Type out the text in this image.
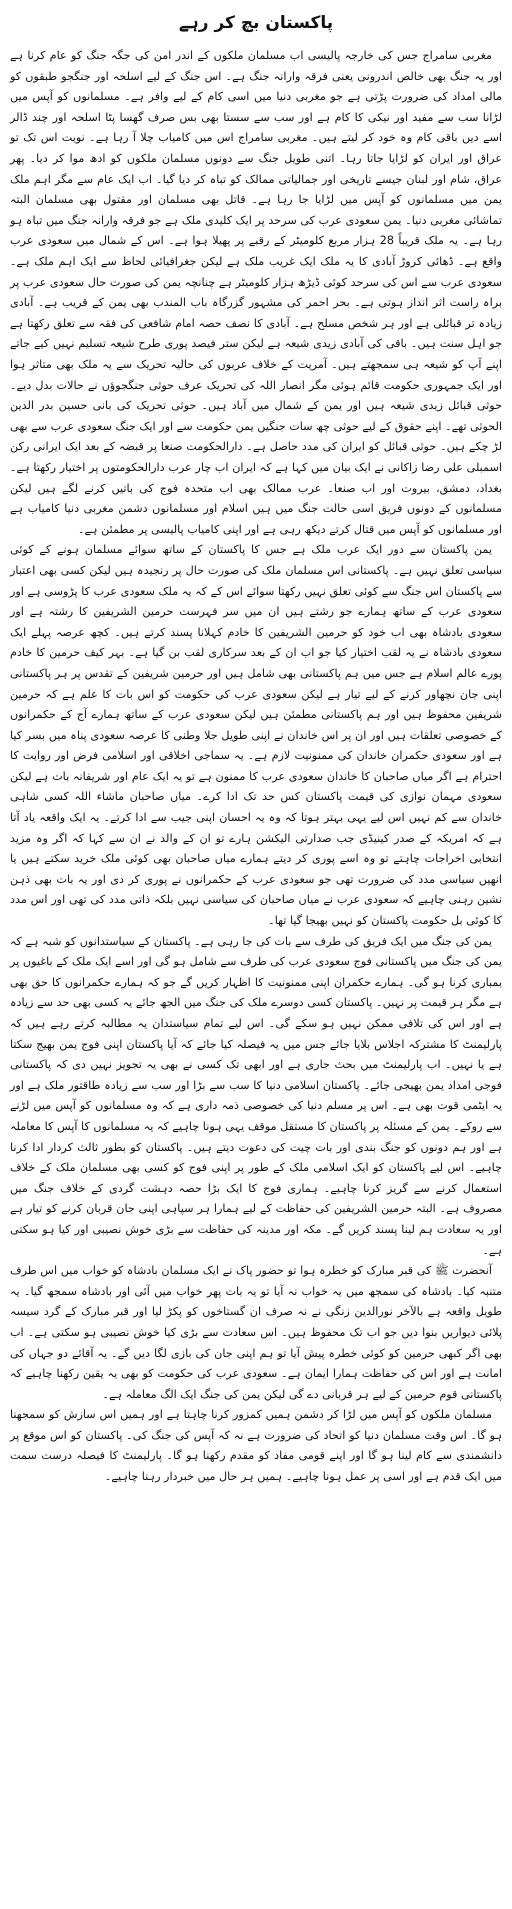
پاکستان بچ کر رہے

مغربی سامراج جس کی خارجہ پالیسی اب مسلمان ملکوں کے اندر امن کی جگہ جنگ کو عام کرنا ہے اور یہ جنگ بھی خالص اندرونی یعنی فرقہ وارانہ جنگ ہے۔ اس جنگ کے لیے اسلحہ اور جنگجو طبقوں کو مالی امداد کی ضرورت پڑتی ہے جو مغربی دنیا میں اسی کام کے لیے وافر ہے۔ مسلمانوں کو آپس میں لڑانا سب سے مفید اور نیکی کا کام ہے اور سب سے سستا بھی بس صرف گھسا پٹا اسلحہ اور چند ڈالر اسے دیں باقی کام وہ خود کر لیتے ہیں۔ مغربی سامراج اس میں کامیاب چلا آ رہا ہے۔ نوبت اس تک تو عراق اور ایران کو لڑایا جاتا رہا۔ اتنی طویل جنگ سے دونوں مسلمان ملکوں کو ادھ موا کر دیا۔ پھر عراق، شام اور لبنان جیسے تاریخی اور جمالیاتی ممالک کو تباہ کر دیا گیا۔ اب ایک عام سے مگر اہم ملک یمن میں مسلمانوں کو آپس میں لڑایا جا رہا ہے۔ قاتل بھی مسلمان اور مقتول بھی مسلمان البتہ تماشائی مغربی دنیا۔ یمن سعودی عرب کی سرحد پر ایک کلیدی ملک ہے جو فرقہ وارانہ جنگ میں تباہ ہو رہا ہے۔ یہ ملک قریباً 28 ہزار مربع کلومیٹر کے رقبے پر پھیلا ہوا ہے۔ اس کے شمال میں سعودی عرب واقع ہے۔ ڈھائی کروڑ آبادی کا یہ ملک ایک غریب ملک ہے لیکن جغرافیائی لحاظ سے ایک اہم ملک ہے۔ سعودی عرب سے اس کی سرحد کوئی ڈیڑھ ہزار کلومیٹر ہے چنانچہ یمن کی صورت حال سعودی عرب پر براہ راست اثر انداز ہوتی ہے۔ بحر احمر کی مشہور گزرگاہ باب المندب بھی یمن کے قریب ہے۔ آبادی زیادہ تر قبائلی ہے اور ہر شخص مسلح ہے۔ آبادی کا نصف حصہ امام شافعی کی فقہ سے تعلق رکھتا ہے جو اہل سنت ہیں۔ باقی کی آبادی زیدی شیعہ ہے لیکن ستر فیصد پوری طرح شیعہ تسلیم نہیں کیے جاتے اپنے آپ کو شیعہ ہی سمجھتے ہیں۔ آمریت کے خلاف عربوں کی حالیہ تحریک سے یہ ملک بھی متاثر ہوا اور ایک جمہوری حکومت قائم ہوئی مگر انصار اللہ کی تحریک عرف حوثی جنگجوؤں نے حالات بدل دیے۔ حوثی قبائل زیدی شیعہ ہیں اور یمن کے شمال میں آباد ہیں۔ حوثی تحریک کی بانی حسین بدر الدین الحوثی تھے۔ اپنے حقوق کے لیے حوثی چھ سات جنگیں یمن حکومت سے اور ایک جنگ سعودی عرب سے بھی لڑ چکے ہیں۔ حوثی قبائل کو ایران کی مدد حاصل ہے۔ دارالحکومت صنعا پر قبضہ کے بعد ایک ایرانی رکن اسمبلی علی رضا زاکانی نے ایک بیان میں کہا ہے کہ ایران اب چار عرب دارالحکومتوں پر اختیار رکھتا ہے۔ بغداد، دمشق، بیروت اور اب صنعا۔ عرب ممالک بھی اب متحدہ فوج کی باتیں کرنے لگے ہیں لیکن مسلمانوں کے دونوں فریق اسی حالت جنگ میں ہیں اسلام اور مسلمانوں دشمن مغربی دنیا کامیاب ہے اور مسلمانوں کو آپس میں قتال کرتے دیکھ رہی ہے اور اپنی کامیاب پالیسی پر مطمئن ہے۔

یمن پاکستان سے دور ایک عرب ملک ہے جس کا پاکستان کے ساتھ سوائے مسلمان ہونے کے کوئی سیاسی تعلق نہیں ہے۔ پاکستانی اس مسلمان ملک کی صورت حال پر رنجیدہ ہیں لیکن کسی بھی اعتبار سے پاکستان اس جنگ سے کوئی تعلق نہیں رکھتا سوائے اس کے کہ یہ ملک سعودی عرب کا پڑوسی ہے اور سعودی عرب کے ساتھ ہمارے جو رشتے ہیں ان میں سر فہرست حرمین الشریفین کا رشتہ ہے اور سعودی بادشاہ بھی اب خود کو حرمین الشریفین کا خادم کہلانا پسند کرتے ہیں۔ کچھ عرصہ پہلے ایک سعودی بادشاہ نے یہ لقب اختیار کیا جو اب ان کے بعد سرکاری لقب بن گیا ہے۔ بہر کیف حرمین کا خادم پورے عالم اسلام ہے جس میں ہم پاکستانی بھی شامل ہیں اور حرمین شریفین کے تقدس پر ہر پاکستانی اپنی جان نچھاور کرنے کے لیے تیار ہے لیکن سعودی عرب کی حکومت کو اس بات کا علم ہے کہ حرمین شریفین محفوظ ہیں اور ہم پاکستانی مطمئن ہیں لیکن سعودی عرب کے ساتھ ہمارے آج کے حکمرانوں کے خصوصی تعلقات ہیں اور ان پر اس خاندان نے اپنی طویل جلا وطنی کا عرصہ سعودی پناہ میں بسر کیا ہے اور سعودی حکمران خاندان کی ممنونیت لازم ہے۔ یہ سماجی اخلاقی اور اسلامی فرض اور روایت کا احترام ہے اگر میاں صاحبان کا خاندان سعودی عرب کا ممنون ہے تو یہ ایک عام اور شریفانہ بات ہے لیکن سعودی مہمان نوازی کی قیمت پاکستان کس حد تک ادا کرے۔ میاں صاحبان ماشاء اللہ کسی شاہی خاندان سے کم نہیں اس لیے یہی بہتر ہوتا کہ وہ یہ احسان اپنی جیب سے ادا کرتے۔ یہ ایک واقعہ یاد آتا ہے کہ امریکہ کے صدر کینیڈی جب صدارتی الیکشن ہارے تو ان کے والد نے ان سے کہا کہ اگر وہ مزید انتخابی اخراجات چاہتے تو وہ اسے پوری کر دیتے ہمارے میاں صاحبان بھی کوئی ملک خرید سکتے ہیں یا انھیں سیاسی مدد کی ضرورت تھی جو سعودی عرب کے حکمرانوں نے پوری کر دی اور یہ بات بھی ذہن نشین رہنی چاہیے کہ سعودی عرب نے میاں صاحبان کی سیاسی نہیں بلکہ ذاتی مدد کی تھی اور اس مدد کا کوئی بل حکومت پاکستان کو نہیں بھیجا گیا تھا۔

یمن کی جنگ میں ایک فریق کی طرف سے بات کی جا رہی ہے۔ پاکستان کے سیاستدانوں کو شبہ ہے کہ یمن کی جنگ میں پاکستانی فوج سعودی عرب کی طرف سے شامل ہو گی اور اسے ایک ملک کے باغیوں پر بمباری کرنا ہو گی۔ ہمارے حکمران اپنی ممنونیت کا اظہار کریں گے جو کہ ہمارے حکمرانوں کا حق بھی ہے مگر ہر قیمت پر نہیں۔ پاکستان کسی دوسرے ملک کی جنگ میں الجھ جائے یہ کسی بھی حد سے زیادہ ہے اور اس کی تلافی ممکن نہیں ہو سکے گی۔ اس لیے تمام سیاستدان یہ مطالبہ کرتے رہے ہیں کہ پارلیمنٹ کا مشترکہ اجلاس بلایا جائے جس میں یہ فیصلہ کیا جائے کہ آیا پاکستان اپنی فوج یمن بھیج سکتا ہے یا نہیں۔ اب پارلیمنٹ میں بحث جاری ہے اور ابھی تک کسی نے بھی یہ تجویز نہیں دی کہ پاکستانی فوجی امداد یمن بھیجی جائے۔ پاکستان اسلامی دنیا کا سب سے بڑا اور سب سے زیادہ طاقتور ملک ہے اور یہ ایٹمی قوت بھی ہے۔ اس پر مسلم دنیا کی خصوصی ذمہ داری ہے کہ وہ مسلمانوں کو آپس میں لڑنے سے روکے۔ یمن کے مسئلہ پر پاکستان کا مستقل موقف یہی ہونا چاہیے کہ یہ مسلمانوں کا آپس کا معاملہ ہے اور ہم دونوں کو جنگ بندی اور بات چیت کی دعوت دیتے ہیں۔ پاکستان کو بطور ثالث کردار ادا کرنا چاہیے۔ اس لیے پاکستان کو ایک اسلامی ملک کے طور پر اپنی فوج کو کسی بھی مسلمان ملک کے خلاف استعمال کرنے سے گریز کرنا چاہیے۔ ہماری فوج کا ایک بڑا حصہ دہشت گردی کے خلاف جنگ میں مصروف ہے۔ البتہ حرمین الشریفین کی حفاظت کے لیے ہمارا ہر سپاہی اپنی جان قربان کرنے کو تیار ہے اور یہ سعادت ہم لینا پسند کریں گے۔ مکہ اور مدینہ کی حفاظت سے بڑی خوش نصیبی اور کیا ہو سکتی ہے۔

آنحضرت ﷺ کی قبر مبارک کو خطرہ ہوا تو حضور پاک نے ایک مسلمان بادشاہ کو خواب میں اس طرف متنبہ کیا۔ بادشاہ کی سمجھ میں یہ خواب نہ آیا تو یہ بات پھر خواب میں آئی اور بادشاہ سمجھ گیا۔ یہ طویل واقعہ ہے بالآخر نورالدین زنگی نے نہ صرف ان گستاخوں کو پکڑ لیا اور قبر مبارک کے گرد سیسہ پلائی دیواریں بنوا دیں جو اب تک محفوظ ہیں۔ اس سعادت سے بڑی کیا خوش نصیبی ہو سکتی ہے۔ اب بھی اگر کبھی حرمین کو کوئی خطرہ پیش آیا تو ہم اپنی جان کی بازی لگا دیں گے۔ یہ آقائے دو جہاں کی امانت ہے اور اس کی حفاظت ہمارا ایمان ہے۔ سعودی عرب کی حکومت کو بھی یہ یقین رکھنا چاہیے کہ پاکستانی قوم حرمین کے لیے ہر قربانی دے گی لیکن یمن کی جنگ ایک الگ معاملہ ہے۔

مسلمان ملکوں کو آپس میں لڑا کر دشمن ہمیں کمزور کرنا چاہتا ہے اور ہمیں اس سازش کو سمجھنا ہو گا۔ اس وقت مسلمان دنیا کو اتحاد کی ضرورت ہے نہ کہ آپس کی جنگ کی۔ پاکستان کو اس موقع پر دانشمندی سے کام لینا ہو گا اور اپنے قومی مفاد کو مقدم رکھنا ہو گا۔ پارلیمنٹ کا فیصلہ درست سمت میں ایک قدم ہے اور اسی پر عمل ہونا چاہیے۔ ہمیں ہر حال میں خبردار رہنا چاہیے۔
